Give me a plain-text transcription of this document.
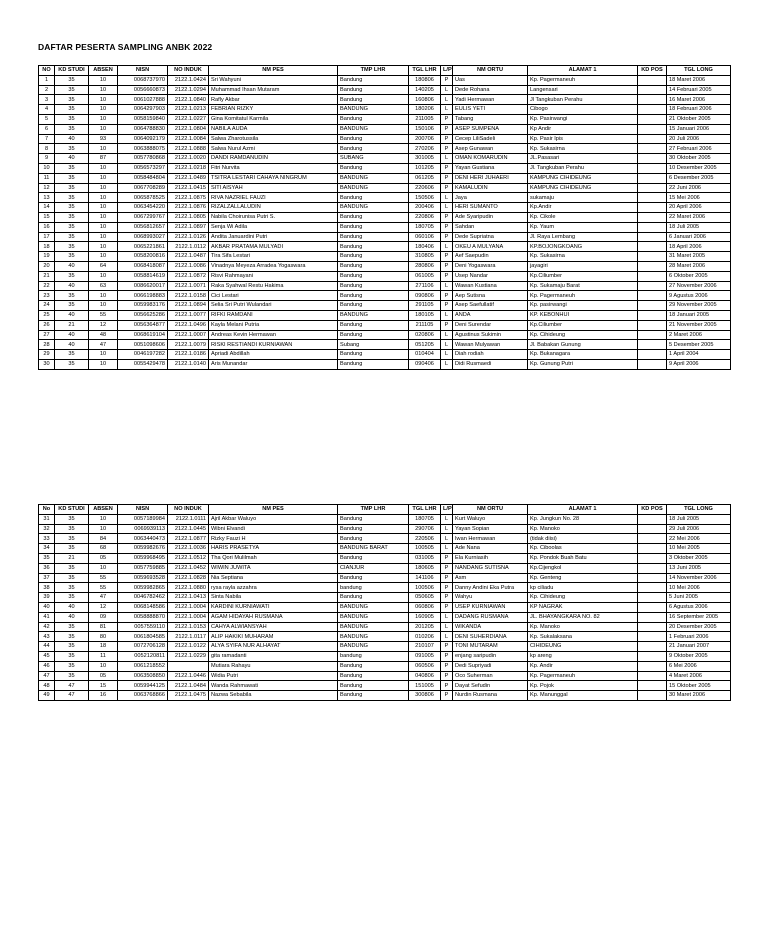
DAFTAR PESERTA SAMPLING ANBK 2022
NO	KD STUDI	ABSEN	NISN	NO INDUK	NM PES	TMP LHR	TGL LHR	L/P	NM ORTU	ALAMAT 1	KD POS	TGL LONG
1	35	10	0068737970	2122.1.0424	Sri Wahyuni	Bandung	180806	P	Uas	Kp. Pagermaneuh		18 Maret 2006
2	35	10	0056660873	2122.1.0294	Muhammad Ihsan Mutaram	Bandung	140205	L	Dede Rohana	Langensari		14 Februari 2005
3	35	10	0061027888	2122.1.0840	Rafly Akbar	Bandung	160806	L	Yadi Hermawan	Jl Tangkuban Perahu		16 Maret 2006
4	35	10	0064297903	2122.1.0213	FEBRIAN RIZKY	BANDUNG	180206	L	EULIS YETI	Cibogo		18 Februari 2006
5	35	10	0058159840	2122.1.0227	Gina Komitatul Karmila	Bandung	211005	P	Tabang	Kp. Pasirwangi		21 Oktober 2005
6	35	10	0064788830	2122.1.0804	NABILA AUDA	BANDUNG	150106	P	ASEP SUMPENA	Kp Andir		15 Januari 2006
7	40	93	0064092179	2122.1.0084	Salwa Zharotussila	Bandung	200706	P	Cecep LiliSadeli	Kp. Pasir Ipis		20 Juli 2006
8	35	10	0063888075	2122.1.0888	Salwa Nurul Azmi	Bandung	270206	P	Asep Gunawan	Kp. Sukasirna		27 Februari 2006
9	40	87	0057780868	2122.1.0020	DANDI RAMDANUDIN	SUBANG	301005	L	OMAN KOMARUDIN	JL.Pasasari		30 Oktober 2005
10	35	10	0056573297	2122.1.0218	Fitri Nurvita	Bandung	101205	P	Yayan Gustiana	Jl. Tangkuban Perahu		10 Desember 2005
11	35	10	0058484804	2122.1.0489	TSITRA LESTARI CAHAYA NINGRUM	BANDUNG	061205	P	DENI HERI JUHAERI	KAMPUNG CIHIDEUNG		6 Desember 2005
12	35	10	0067708289	2122.1.0415	SITI AISYAH	BANDUNG	220606	P	KAMALUDIN	KAMPUNG CIHIDEUNG		22 Juni 2006
13	35	10	0065878525	2122.1.0875	RIVA NAZRIEL FAUZI	Bandung	150506	L	Jaya	sukamaju		15 Mei 2006
14	35	10	0063454220	2122.1.0876	RIZALZALLALUDIN	BANDUNG	200406	L	HERI SUMANTO	Kp.Andir		20 April 2006
15	35	10	0067299767	2122.1.0805	Nabila Choirunisa Putri S.	Bandung	220806	P	Ade Syaripudin	Kp. Cikole		22 Maret 2006
16	35	10	0056812657	2122.1.0897	Senja Wi Adila	Bandung	180705	P	Sahdan	Kp. Yaum		18 Juli 2005
17	35	10	0068993027	2122.1.0126	Andita Januardini Putri	Bandung	060106	P	Dede Supriatna	Jl. Raya Lembang		6 Januari 2006
18	35	10	0065221861	2122.1.0112	AKBAR PRATAMA MULYADI	Bandung	180406	L	OKEU A MULYANA	KP.BOJONGKOANG		18 April 2006
19	35	10	0058200816	2122.1.0487	Tira Sifa Lestari	Bandung	310805	P	Aef Saepudin	Kp. Sukasirna		31 Maret 2005
20	40	64	0068418087	2122.1.0086	Vinadnya Meyeza Arradea Yogaswara	Bandung	280806	P	Deni Yogaswara	jayagiri		28 Maret 2006
21	35	10	0058814619	2122.1.0872	Risvi Rahmayani	Bandung	061005	P	Usep Nandar	Kp.Ciliumber		6 Oktober 2005
22	40	63	0086620017	2122.1.0071	Raka Syahwal Restu Hakima	Bandung	271106	L	Wawan Kustiana	Kp. Sukamaju Barat		27 November 2006
23	35	10	0066198883	2122.1.0158	Cici Lestari	Bandung	090806	P	Aep Sutisna	Kp. Pagermaneuh		9 Agustus 2006
24	35	10	0059983176	2122.1.0894	Selia Sri Putri Wulandari	Bandung	291105	P	Asep Saefullatif	Kp. pasirwangi		29 November 2005
25	40	55	0056625286	2122.1.0077	RIFKI RAMDANI	BANDUNG	180105	L	ANDA	KP. KEBONHUI		18 Januari 2005
26	21	12	0056364877	2122.1.0496	Kayla Melani Putria	Bandung	211105	P	Deni Surendar	Kp.Ciliumber		21 November 2005
27	40	48	0068619104	2122.1.0007	Andreas Kevin Hermawan	Bandung	020806	L	Agustinus Sukimin	Kp. Cihideung		2 Maret 2006
28	40	47	0051098606	2122.1.0079	RISKI RESTIANDI KURNIAWAN	Subang	051205	L	Wawan Mulyawan	Jl. Babakan Gunung		5 Desember 2005
29	35	10	0046197282	2122.1.0186	Apriadi Abdillah	Bandung	010404	L	Diah rodiah	Kp. Bukanagara		1 April 2004
30	35	10	0055429478	2122.1.0140	Aris Munandar	Bandung	090406	L	Didi Rusmaedi	Kp. Gunung Putri		9 April 2006
No	KD STUDI	ABSEN	NISN	NO INDUK	NM PES	TMP LHR	TGL LHR	L/P	NM ORTU	ALAMAT 1	KD POS	TGL LONG
31	35	10	0057189984	2122.1.0111	Ajril Akbar Waluyo	Bandung	180705	L	Kurt Waluyo	Kp. Jungkun No. 28		18 Juli 2005
32	35	10	0069939113	2122.1.0445	Wibni Elvandi	Bandung	290706	L	Yayan Sopian	Kp. Manoko		29 Juli 2006
33	35	84	0063440473	2122.1.0877	Rizky Fauzi H	Bandung	220506	L	Iwan Hermawan	(tidak diisi)		22 Mei 2006
34	35	68	0059982676	2122.1.0036	HARIS PRASETYA	BANDUNG BARAT	100505	L	Ade Nana	Kp. Ciboolas		10 Mei 2005
35	21	05	0059968495	2122.1.0512	Tha Qori Mulilmah	Bandung	031005	P	Ela Kurniasih	Kp. Pondok Buah Batu		3 Oktober 2005
36	35	10	0057759885	2122.1.0452	WIWIN JUWITA	CIANJUR	180605	P	NANDANG SUTISNA	Kp.Cijengkol		13 Juni 2005
37	35	55	0059693528	2122.1.0828	Nia Septiana	Bandung	141106	P	Asm	Kp. Genteng		14 November 2006
38	35	55	0059982865	2122.1.0880	rysa rayla azzahra	bandung	100506	P	Danny Andini Eka Putra	kp ciliadu		10 Mei 2006
39	35	47	0046782462	2122.1.0413	Sinta Nabila	Bandung	050605	P	Wahyu	Kp. Cihideung		5 Juni 2005
40	40	12	0068148586	2122.1.0004	KARDINI KURNIAWATI	BANDUNG	060806	P	USEP KURNIAWAN	KP NAGRAK		6 Agustus 2006
41	40	09	0058888870	2122.1.0004	AGAM HIDAYAH RUSMANA	BANDUNG	160905	L	DADANG RUSMANA	JL. BHAYANGKARA NO. 82		16 September 2005
42	35	81	0057559110	2122.1.0153	CAHYA ALWIANSYAH	BANDUNG	201205	L	WIKANDA	Kp. Manoko		20 Desember 2005
43	35	80	0061804585	2122.1.0117	ALIP HAKIKI MUHARAM	BANDUNG	010206	L	DENI SUHERDIANA	Kp. Sukalaksana		1 Februari 2006
44	35	18	0072706128	2122.1.0122	ALYA SYIFA NUR ALHAYAT	BANDUNG	210107	P	TONI MUTARAM	CIHIDEUNG		21 Januari 2007
45	35	11	0052120811	2122.1.0229	gita ramadanti	bandung	091005	P	enjang saripudin	kp areng		9 Oktober 2005
46	35	10	0061218552		Mutiara Rahayu	Bandung	060506	P	Dedi Supriyadi	Kp. Andir		6 Mei 2006
47	35	05	0063508850	2122.1.0446	Widia Putri	Bandung	040806	P	Oco Suherman	Kp. Pagermaneuh		4 Maret 2006
48	47	15	0059944125	2122.1.0484	Wanda Rahmawati	Bandung	151005	P	Dayat Sefudin	Kp. Pojok		15 Oktober 2005
49	47	16	0063768866	2122.1.0475	Nazwa Sebabila	Bandung	300806	P	Nurdin Rusmana	Kp. Manunggal		30 Maret 2006
